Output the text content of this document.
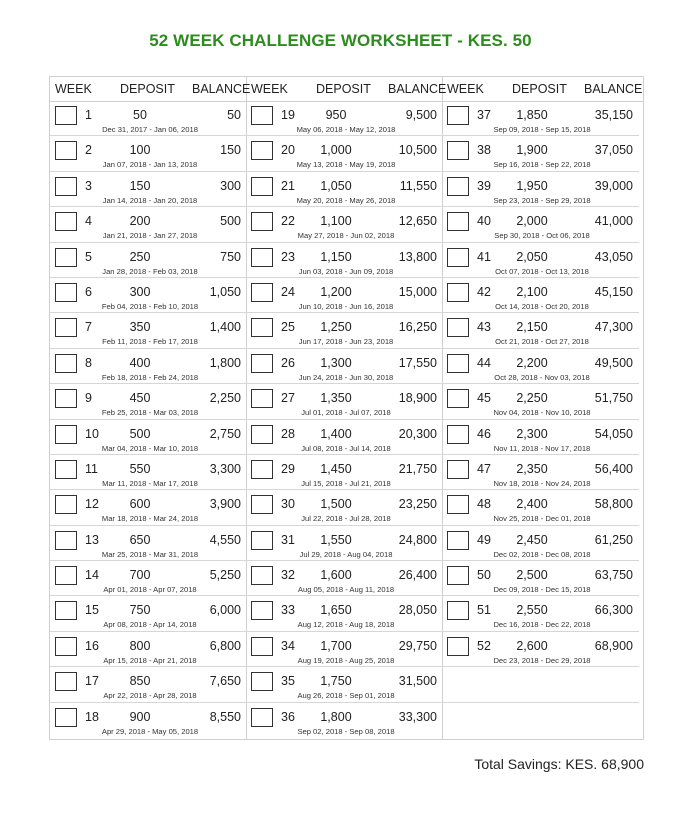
52 WEEK CHALLENGE WORKSHEET - KES. 50
WEEK DEPOSIT BALANCE
1	50	50
Dec 31, 2017 - Jan 06, 2018
2	100	150
Jan 07, 2018 - Jan 13, 2018
3	150	300
Jan 14, 2018 - Jan 20, 2018
4	200	500
Jan 21, 2018 - Jan 27, 2018
5	250	750
Jan 28, 2018 - Feb 03, 2018
6	300	1,050
Feb 04, 2018 - Feb 10, 2018
7	350	1,400
Feb 11, 2018 - Feb 17, 2018
8	400	1,800
Feb 18, 2018 - Feb 24, 2018
9	450	2,250
Feb 25, 2018 - Mar 03, 2018
10	500	2,750
Mar 04, 2018 - Mar 10, 2018
11	550	3,300
Mar 11, 2018 - Mar 17, 2018
12	600	3,900
Mar 18, 2018 - Mar 24, 2018
13	650	4,550
Mar 25, 2018 - Mar 31, 2018
14	700	5,250
Apr 01, 2018 - Apr 07, 2018
15	750	6,000
Apr 08, 2018 - Apr 14, 2018
16	800	6,800
Apr 15, 2018 - Apr 21, 2018
17	850	7,650
Apr 22, 2018 - Apr 28, 2018
18	900	8,550
Apr 29, 2018 - May 05, 2018
WEEK DEPOSIT BALANCE
19	950	9,500
May 06, 2018 - May 12, 2018
20	1,000	10,500
May 13, 2018 - May 19, 2018
21	1,050	11,550
May 20, 2018 - May 26, 2018
22	1,100	12,650
May 27, 2018 - Jun 02, 2018
23	1,150	13,800
Jun 03, 2018 - Jun 09, 2018
24	1,200	15,000
Jun 10, 2018 - Jun 16, 2018
25	1,250	16,250
Jun 17, 2018 - Jun 23, 2018
26	1,300	17,550
Jun 24, 2018 - Jun 30, 2018
27	1,350	18,900
Jul 01, 2018 - Jul 07, 2018
28	1,400	20,300
Jul 08, 2018 - Jul 14, 2018
29	1,450	21,750
Jul 15, 2018 - Jul 21, 2018
30	1,500	23,250
Jul 22, 2018 - Jul 28, 2018
31	1,550	24,800
Jul 29, 2018 - Aug 04, 2018
32	1,600	26,400
Aug 05, 2018 - Aug 11, 2018
33	1,650	28,050
Aug 12, 2018 - Aug 18, 2018
34	1,700	29,750
Aug 19, 2018 - Aug 25, 2018
35	1,750	31,500
Aug 26, 2018 - Sep 01, 2018
36	1,800	33,300
Sep 02, 2018 - Sep 08, 2018
WEEK DEPOSIT BALANCE
37	1,850	35,150
Sep 09, 2018 - Sep 15, 2018
38	1,900	37,050
Sep 16, 2018 - Sep 22, 2018
39	1,950	39,000
Sep 23, 2018 - Sep 29, 2018
40	2,000	41,000
Sep 30, 2018 - Oct 06, 2018
41	2,050	43,050
Oct 07, 2018 - Oct 13, 2018
42	2,100	45,150
Oct 14, 2018 - Oct 20, 2018
43	2,150	47,300
Oct 21, 2018 - Oct 27, 2018
44	2,200	49,500
Oct 28, 2018 - Nov 03, 2018
45	2,250	51,750
Nov 04, 2018 - Nov 10, 2018
46	2,300	54,050
Nov 11, 2018 - Nov 17, 2018
47	2,350	56,400
Nov 18, 2018 - Nov 24, 2018
48	2,400	58,800
Nov 25, 2018 - Dec 01, 2018
49	2,450	61,250
Dec 02, 2018 - Dec 08, 2018
50	2,500	63,750
Dec 09, 2018 - Dec 15, 2018
51	2,550	66,300
Dec 16, 2018 - Dec 22, 2018
52	2,600	68,900
Dec 23, 2018 - Dec 29, 2018
Total Savings: KES. 68,900
